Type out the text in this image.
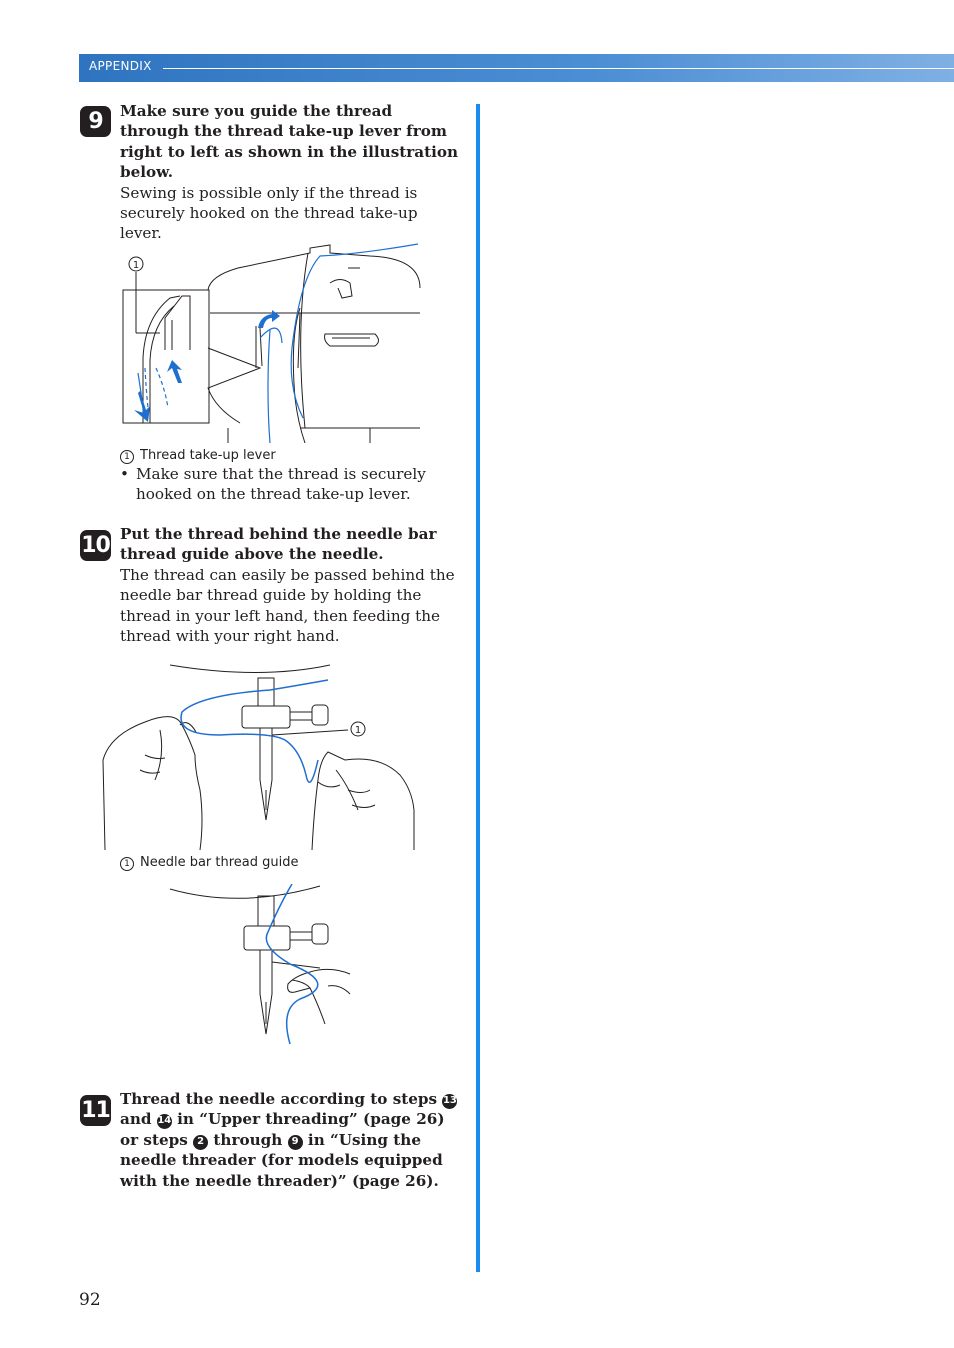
APPENDIX
9	Make sure you guide the thread through the thread take-up lever from right to left as shown in the illustration below.
Sewing is possible only if the thread is securely hooked on the thread take-up lever.
1
1 Thread take-up lever
• Make sure that the thread is securely hooked on the thread take-up lever.
10 Put the thread behind the needle bar thread guide above the needle.
The thread can easily be passed behind the needle bar thread guide by holding the thread in your left hand, then feeding the thread with your right hand.
1
1 Needle bar thread guide
11 Thread the needle according to steps 13 and 14 in “Upper threading” (page 26) or steps 2 through 9 in “Using the needle threader (for models equipped with the needle threader)” (page 26).
92
